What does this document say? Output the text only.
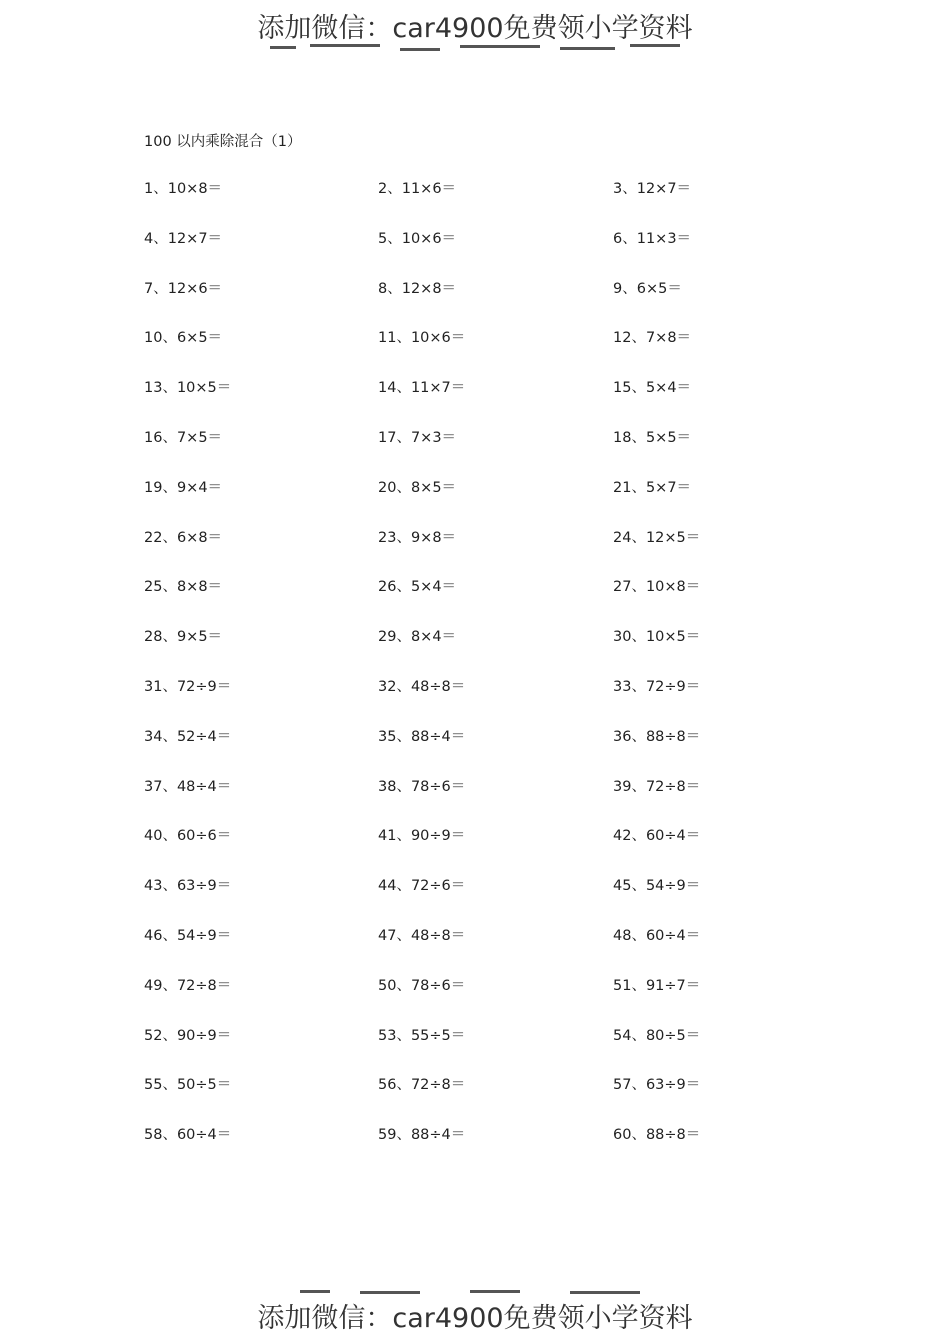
添加微信：car4900免费领小学资料
100 以内乘除混合（1）
1、10×8＝	2、11×6＝	3、12×7＝
4、12×7＝	5、10×6＝	6、11×3＝
7、12×6＝	8、12×8＝	9、6×5＝
10、6×5＝	11、10×6＝	12、7×8＝
13、10×5＝	14、11×7＝	15、5×4＝
16、7×5＝	17、7×3＝	18、5×5＝
19、9×4＝	20、8×5＝	21、5×7＝
22、6×8＝	23、9×8＝	24、12×5＝
25、8×8＝	26、5×4＝	27、10×8＝
28、9×5＝	29、8×4＝	30、10×5＝
31、72÷9＝	32、48÷8＝	33、72÷9＝
34、52÷4＝	35、88÷4＝	36、88÷8＝
37、48÷4＝	38、78÷6＝	39、72÷8＝
40、60÷6＝	41、90÷9＝	42、60÷4＝
43、63÷9＝	44、72÷6＝	45、54÷9＝
46、54÷9＝	47、48÷8＝	48、60÷4＝
49、72÷8＝	50、78÷6＝	51、91÷7＝
52、90÷9＝	53、55÷5＝	54、80÷5＝
55、50÷5＝	56、72÷8＝	57、63÷9＝
58、60÷4＝	59、88÷4＝	60、88÷8＝
添加微信：car4900免费领小学资料
